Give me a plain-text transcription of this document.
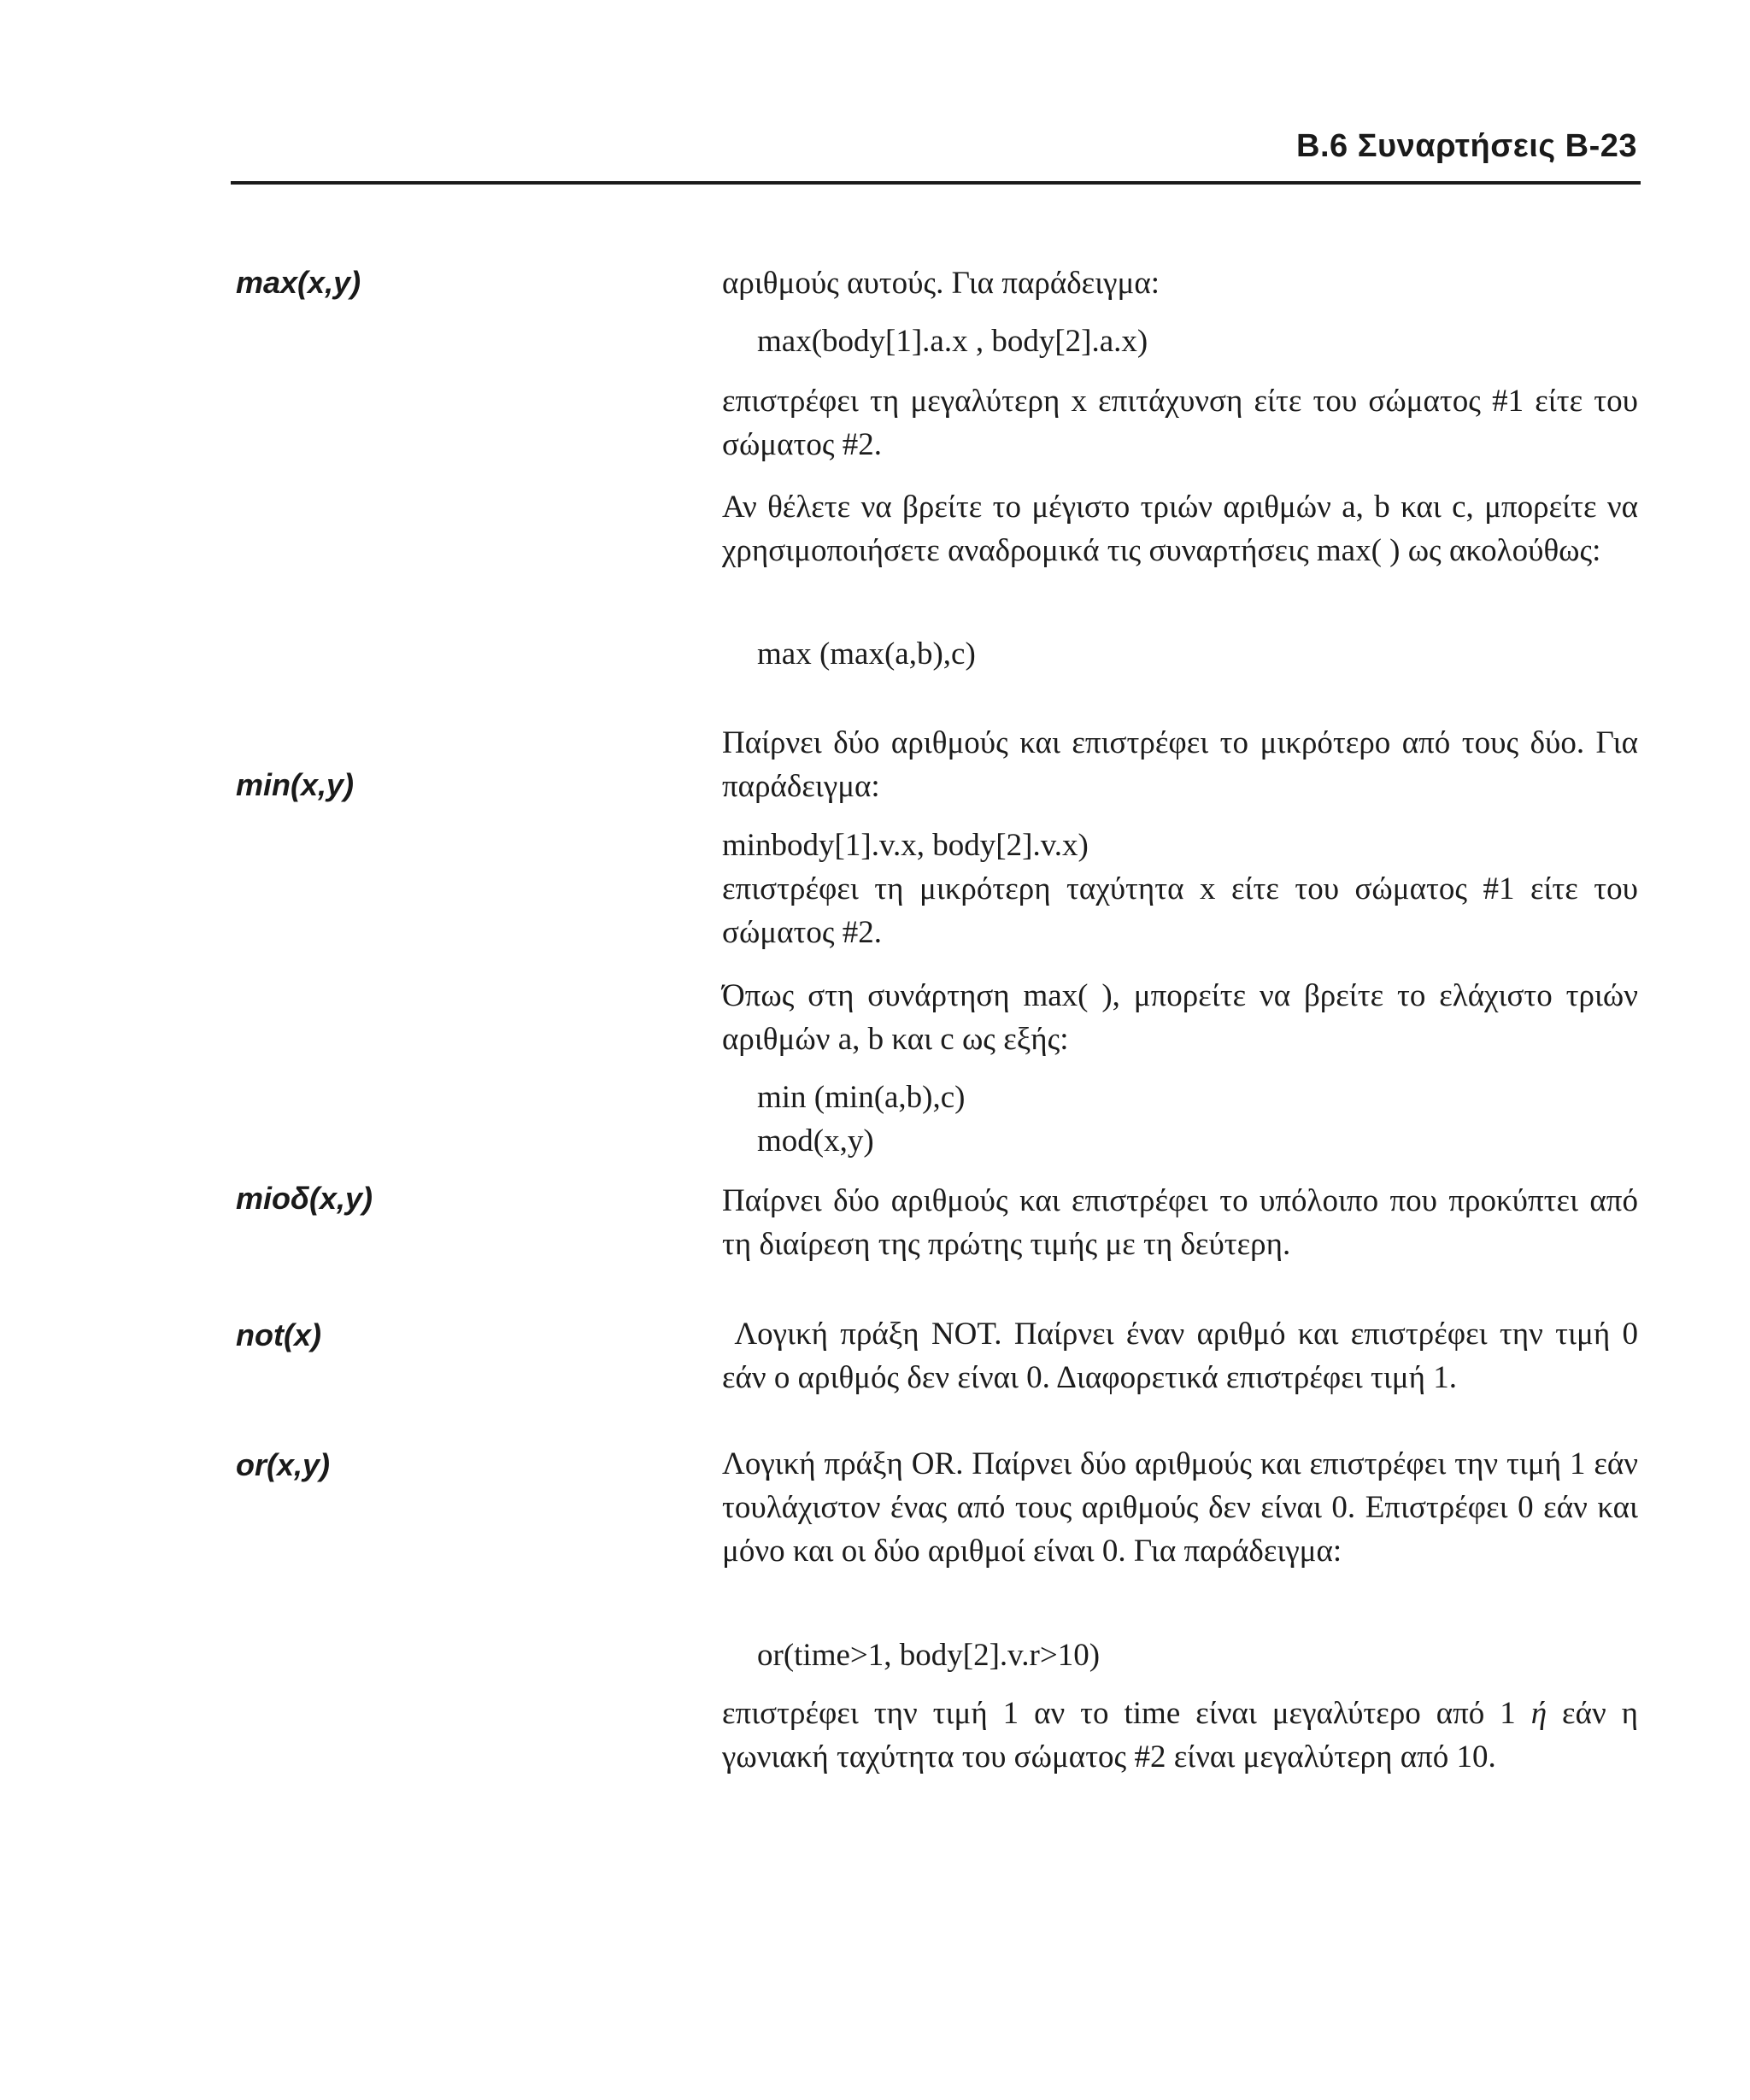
B.6 Συναρτήσεις B-23
max(x,y)
min(x,y)
mioδ(x,y)
not(x)
or(x,y)

αριθμούς αυτούς. Για παράδειγμα:

max(body[1].a.x , body[2].a.x)

επιστρέφει τη μεγαλύτερη x επιτάχυνση είτε του σώματος #1 είτε του σώματος #2.

Αν θέλετε να βρείτε το μέγιστο τριών αριθμών a, b και c, μπορείτε να χρησιμοποιήσετε αναδρομικά τις συναρτήσεις max( ) ως ακολούθως:

max (max(a,b),c)

Παίρνει δύο αριθμούς και επιστρέφει το μικρότερο από τους δύο. Για παράδειγμα:

minbody[1].v.x, body[2].v.x)

επιστρέφει τη μικρότερη ταχύτητα x είτε του σώματος #1 είτε του σώματος #2.

Όπως στη συνάρτηση max( ), μπορείτε να βρείτε το ελάχιστο τριών αριθμών a, b και c ως εξής:

min (min(a,b),c)

mod(x,y)

Παίρνει δύο αριθμούς και επιστρέφει το υπόλοιπο που προκύπτει από τη διαίρεση της πρώτης τιμής με τη δεύτερη.

Λογική πράξη NOT. Παίρνει έναν αριθμό και επιστρέφει την τιμή 0 εάν ο αριθμός δεν είναι 0. Διαφορετικά επιστρέφει τιμή 1.

Λογική πράξη OR. Παίρνει δύο αριθμούς και επιστρέφει την τιμή 1 εάν τουλάχιστον ένας από τους αριθμούς δεν είναι 0. Επιστρέφει 0 εάν και μόνο και οι δύο αριθμοί είναι 0. Για παράδειγμα:

or(time>1, body[2].v.r>10)

επιστρέφει την τιμή 1 αν το time είναι μεγαλύτερο από 1 ή εάν η γωνιακή ταχύτητα του σώματος #2 είναι μεγαλύτερη από 10.
